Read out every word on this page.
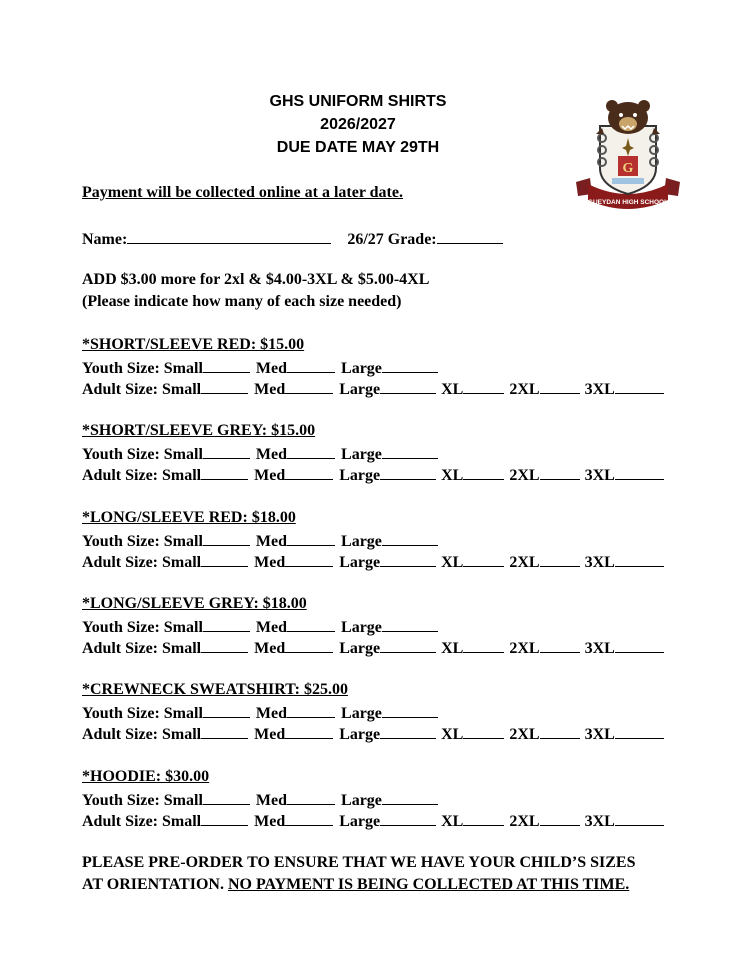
GHS UNIFORM SHIRTS
2026/2027
DUE DATE MAY 29TH
GUEYDAN HIGH SCHOOL
G
Payment will be collected online at a later date.
Name:	26/27 Grade:
ADD $3.00 more for 2xl & $4.00-3XL & $5.00-4XL
(Please indicate how many of each size needed)
*SHORT/SLEEVE RED: $15.00
Youth Size: Small	Med	Large
Adult Size: Small	Med	Large	XL	2XL	3XL
*SHORT/SLEEVE GREY: $15.00
Youth Size: Small	Med	Large
Adult Size: Small	Med	Large	XL	2XL	3XL
*LONG/SLEEVE RED: $18.00
Youth Size: Small	Med	Large
Adult Size: Small	Med	Large	XL	2XL	3XL
*LONG/SLEEVE GREY: $18.00
Youth Size: Small	Med	Large
Adult Size: Small	Med	Large	XL	2XL	3XL
*CREWNECK SWEATSHIRT: $25.00
Youth Size: Small	Med	Large
Adult Size: Small	Med	Large	XL	2XL	3XL
*HOODIE: $30.00
Youth Size: Small	Med	Large
Adult Size: Small	Med	Large	XL	2XL	3XL
PLEASE PRE-ORDER TO ENSURE THAT WE HAVE YOUR CHILD’S SIZES
AT ORIENTATION. NO PAYMENT IS BEING COLLECTED AT THIS TIME.
